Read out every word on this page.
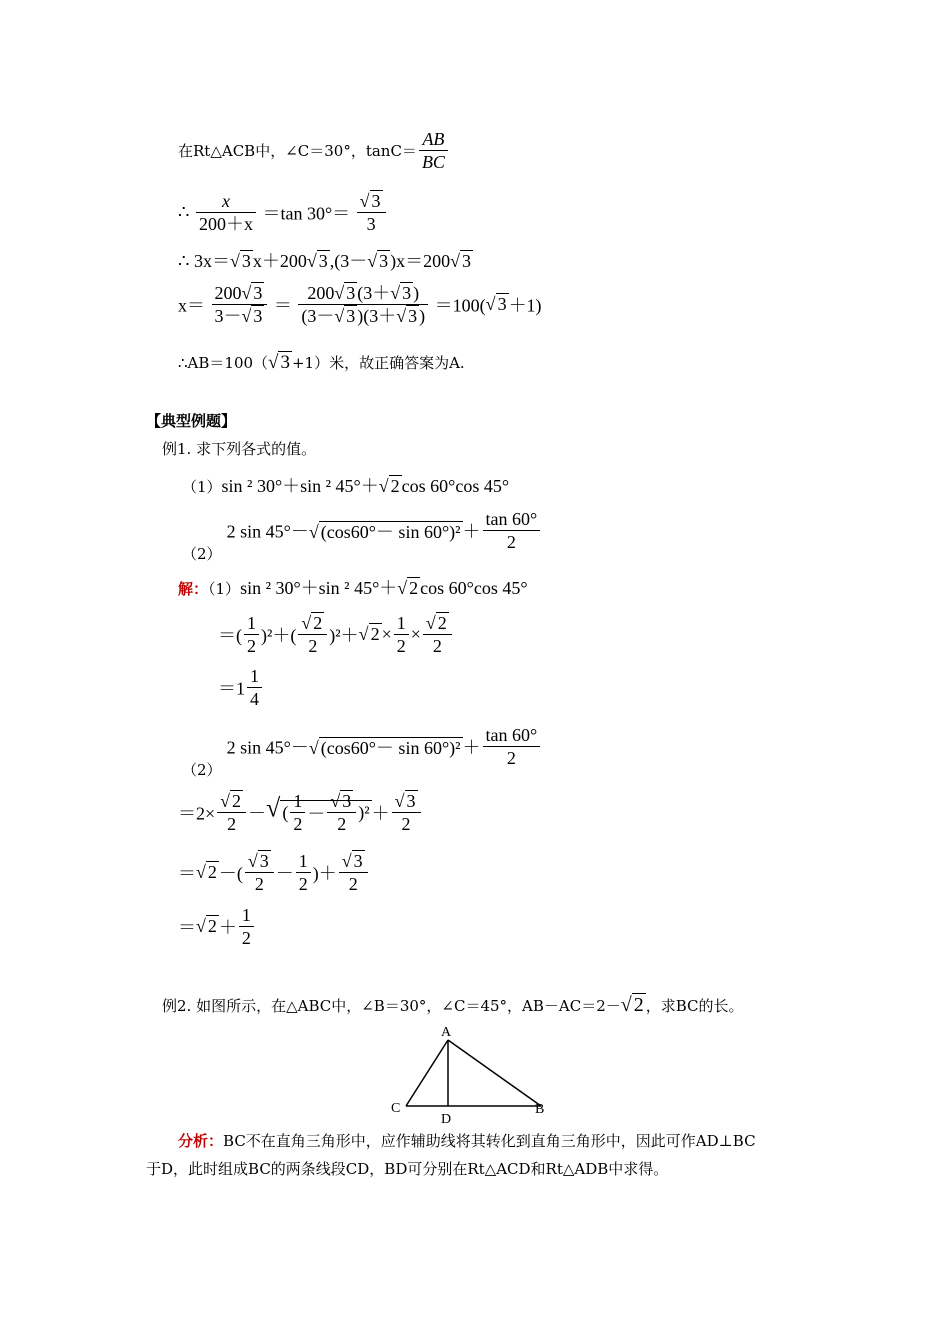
在Rt△ACB中，∠C＝30°，$\tan C= \frac{AB}{BC}$
∴ $\frac{x}{200+x} =\tan$ $30^\circ= \frac{√ 3}{3}$
∴ 3x＝√ 3 x＋200√ 3 ,(3－√ 3 )x＝200√ 3
$x= \frac{200√ 3}{3-√ 3} = \frac{200√ 3 (3+√ 3 )}{(3-√ 3 )(3+√ 3 )} =100(√$ 3 ＋1)
∴AB＝100（√ 3 +1）米，故正确答案为A.
【典型例题】
例1. 求下列各式的值。
（1）sin ² 30°＋sin ² 45°＋√ 2 cos 60°cos 45°
（2） 2 sin 45°－√ $(\cos 60^\circ- \sin 60^\circ)^2 + \frac{\tan 60^\circ}{2}$
解：（1）sin ² 30°＋sin ² 45°＋√ 2 cos 60°cos 45°
＝( $\frac{1}{2} )^2+( \frac{√ 2}{2} )^2+√$ $2 \times \frac{1}{2} \times \frac{√ 2}{2}$
$=1 \frac{1}{4}$
（2） 2 sin 45°－√ $(\cos 60^\circ- \sin 60^\circ)^2 + \frac{\tan 60^\circ}{2}$
$=2\times \frac{√ 2}{2}$ －√ ( $\frac{1}{2} - \frac{√ 3}{2} )^2 + \frac{√ 3}{2}$
＝√ 2 －( $\frac{√ 3}{2} - \frac{1}{2}$ )＋ $\frac{√ 3}{2}$
＝√ $2 + \frac{1}{2}$
例2. 如图所示，在△ABC中，∠B＝30°，∠C＝45°，AB－AC＝2－√ 2 ，求BC的长。
A
C
D
B
分析：BC不在直角三角形中，应作辅助线将其转化到直角三角形中，因此可作AD⊥BC
于D，此时组成BC的两条线段CD，BD可分别在Rt△ACD和Rt△ADB中求得。
